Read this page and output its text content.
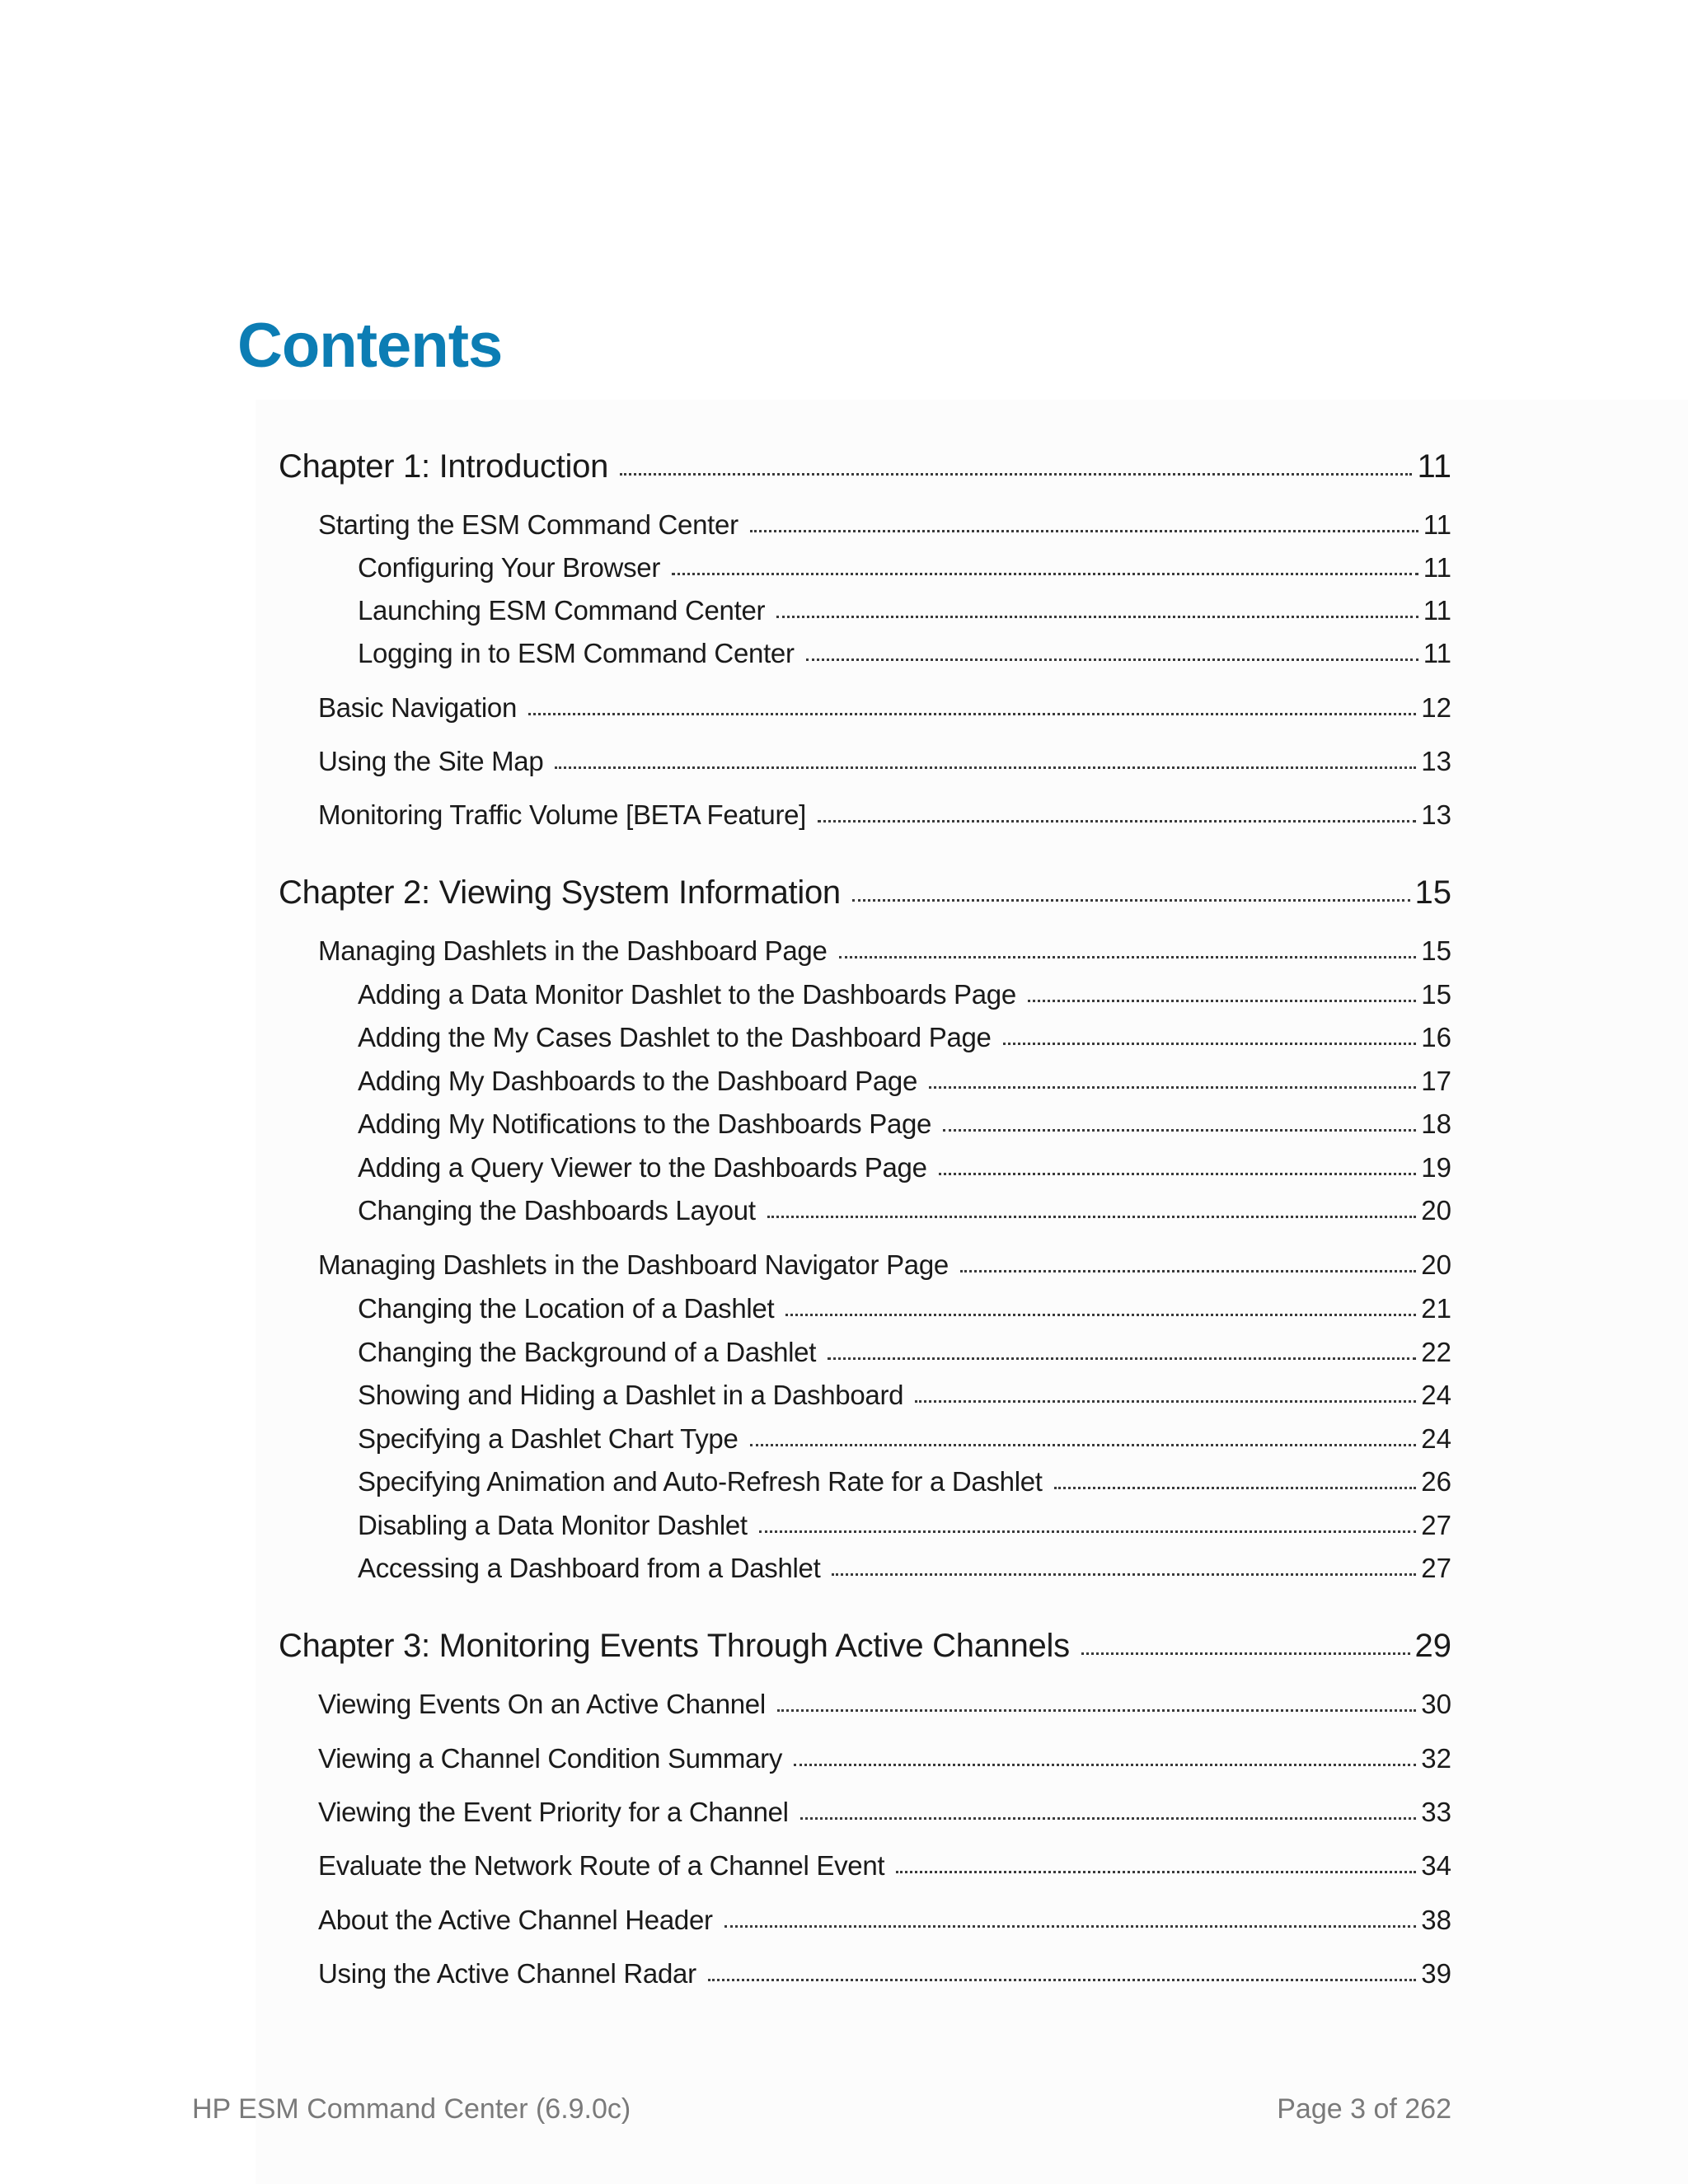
Contents
Chapter 1: Introduction	11
Starting the ESM Command Center	11
Configuring Your Browser	11
Launching ESM Command Center	11
Logging in to ESM Command Center	11
Basic Navigation	12
Using the Site Map	13
Monitoring Traffic Volume [BETA Feature]	13
Chapter 2: Viewing System Information	15
Managing Dashlets in the Dashboard Page	15
Adding a Data Monitor Dashlet to the Dashboards Page	15
Adding the My Cases Dashlet to the Dashboard Page	16
Adding My Dashboards to the Dashboard Page	17
Adding My Notifications to the Dashboards Page	18
Adding a Query Viewer to the Dashboards Page	19
Changing the Dashboards Layout	20
Managing Dashlets in the Dashboard Navigator Page	20
Changing the Location of a Dashlet	21
Changing the Background of a Dashlet	22
Showing and Hiding a Dashlet in a Dashboard	24
Specifying a Dashlet Chart Type	24
Specifying Animation and Auto-Refresh Rate for a Dashlet	26
Disabling a Data Monitor Dashlet	27
Accessing a Dashboard from a Dashlet	27
Chapter 3: Monitoring Events Through Active Channels	29
Viewing Events On an Active Channel	30
Viewing a Channel Condition Summary	32
Viewing the Event Priority for a Channel	33
Evaluate the Network Route of a Channel Event	34
About the Active Channel Header	38
Using the Active Channel Radar	39
HP ESM Command Center (6.9.0c)	Page 3 of 262
